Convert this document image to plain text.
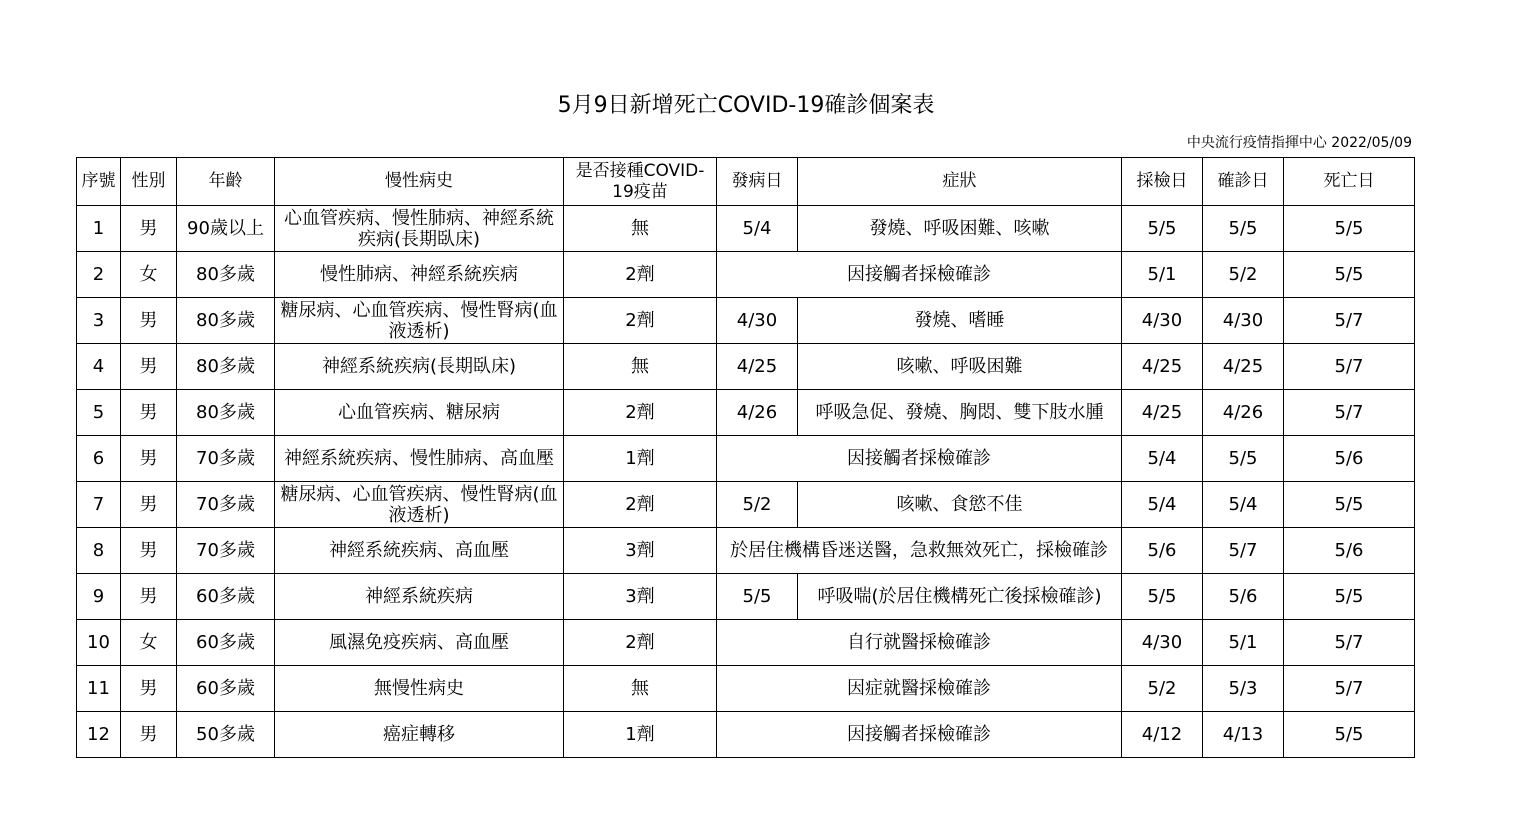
5月9日新增死亡COVID-19確診個案表
中央流行疫情指揮中心 2022/05/09
序號	性別	年齡	慢性病史	是否接種COVID-19疫苗	發病日	症狀	採檢日	確診日	死亡日
1	男	90歲以上	心血管疾病、慢性肺病、神經系統疾病(長期臥床)	無	5/4	發燒、呼吸困難、咳嗽	5/5	5/5	5/5
2	女	80多歲	慢性肺病、神經系統疾病	2劑	因接觸者採檢確診		5/1	5/2	5/5
3	男	80多歲	糖尿病、心血管疾病、慢性腎病(血液透析)	2劑	4/30	發燒、嗜睡	4/30	4/30	5/7
4	男	80多歲	神經系統疾病(長期臥床)	無	4/25	咳嗽、呼吸困難	4/25	4/25	5/7
5	男	80多歲	心血管疾病、糖尿病	2劑	4/26	呼吸急促、發燒、胸悶、雙下肢水腫	4/25	4/26	5/7
6	男	70多歲	神經系統疾病、慢性肺病、高血壓	1劑	因接觸者採檢確診		5/4	5/5	5/6
7	男	70多歲	糖尿病、心血管疾病、慢性腎病(血液透析)	2劑	5/2	咳嗽、食慾不佳	5/4	5/4	5/5
8	男	70多歲	神經系統疾病、高血壓	3劑	於居住機構昏迷送醫，急救無效死亡，採檢確診		5/6	5/7	5/6
9	男	60多歲	神經系統疾病	3劑	5/5	呼吸喘(於居住機構死亡後採檢確診)	5/5	5/6	5/5
10	女	60多歲	風濕免疫疾病、高血壓	2劑	自行就醫採檢確診		4/30	5/1	5/7
11	男	60多歲	無慢性病史	無	因症就醫採檢確診		5/2	5/3	5/7
12	男	50多歲	癌症轉移	1劑	因接觸者採檢確診		4/12	4/13	5/5
